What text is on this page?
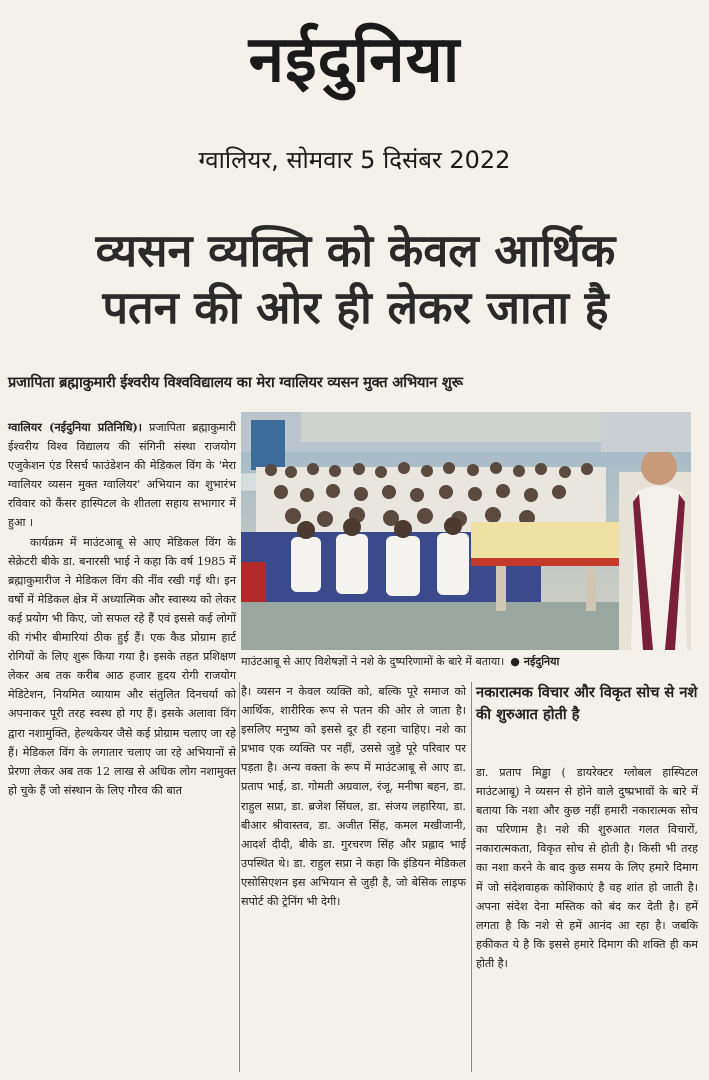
नईदुनिया
ग्वालियर, सोमवार 5 दिसंबर 2022
व्यसन व्यक्ति को केवल आर्थिक
पतन की ओर ही लेकर जाता है
प्रजापिता ब्रह्माकुमारी ईश्वरीय विश्वविद्यालय का मेरा ग्वालियर व्यसन मुक्त अभियान शुरू

ग्वालियर (नईदुनिया प्रतिनिधि)। प्रजापिता ब्रह्माकुमारी ईश्वरीय विश्व विद्यालय की संगिनी संस्था राजयोग एजुकेशन एंड रिसर्च फाउंडेशन की मेडिकल विंग के 'मेरा ग्वालियर व्यसन मुक्त ग्वालियर' अभियान का शुभारंभ रविवार को कैंसर हास्पिटल के शीतला सहाय सभागार में हुआ ।

कार्यक्रम में माउंटआबू से आए मेडिकल विंग के सेक्रेटरी बीके डा. बनारसी भाई ने कहा कि वर्ष 1985 में ब्रह्माकुमारीज ने मेडिकल विंग की नींव रखी गई थी। इन वर्षो में मेडिकल क्षेत्र में अध्यात्मिक और स्वास्थ्य को लेकर कई प्रयोग भी किए, जो सफल रहे हैं एवं इससे कई लोगों की गंभीर बीमारियां ठीक हुई हैं। एक कैड प्रोग्राम हार्ट रोगियों के लिए शुरू किया गया है। इसके तहत प्रशिक्षण लेकर अब तक करीब आठ हजार हृदय रोगी राजयोग मेडिटेशन, नियमित व्यायाम और संतुलित दिनचर्या को अपनाकर पूरी तरह स्वस्थ हो गए हैं। इसके अलावा विंग द्वारा नशामुक्ति, हेल्थकेयर जैसे कई प्रोग्राम चलाए जा रहे हैं। मेडिकल विंग के लगातार चलाए जा रहे अभियानों से प्रेरणा लेकर अब तक 12 लाख से अधिक लोग नशामुक्त हो चुके हैं जो संस्थान के लिए गौरव की बात

माउंटआबू से आए विशेषज्ञों ने नशे के दुष्परिणामों के बारे में बताया। ● नईदुनिया
है। व्यसन न केवल व्यक्ति को, बल्कि पूरे समाज को आर्थिक, शारीरिक रूप से पतन की ओर ले जाता है। इसलिए मनुष्य को इससे दूर ही रहना चाहिए। नशे का प्रभाव एक व्यक्ति पर नहीं, उससे जुड़े पूरे परिवार पर पड़ता है। अन्य वक्ता के रूप में माउंटआबू से आए डा. प्रताप भाई, डा. गोमती अग्रवाल, रंजू, मनीषा बहन, डा. राहुल सप्रा, डा. ब्रजेश सिंघल, डा. संजय लहारिया, डा. बीआर श्रीवास्तव, डा. अजीत सिंह, कमल मखीजानी, आदर्श दीदी, बीके डा. गुरचरण सिंह और प्रह्लाद भाई उपस्थित थे। डा. राहुल सप्रा ने कहा कि इंडियन मेडिकल एसोसिएशन इस अभियान से जुड़ी है, जो बेसिक लाइफ सपोर्ट की ट्रेनिंग भी देगी।
नकारात्मक विचार और विकृत सोच से नशे की शुरुआत होती है
डा. प्रताप मिड्ढा ( डायरेक्टर ग्लोबल हास्पिटल माउंटआबू) ने व्यसन से होने वाले दुष्प्रभावों के बारे में बताया कि नशा और कुछ नहीं हमारी नकारात्मक सोच का परिणाम है। नशे की शुरुआत गलत विचारों, नकारात्मकता, विकृत सोच से होती है। किसी भी तरह का नशा करने के बाद कुछ समय के लिए हमारे दिमाग में जो संदेशवाहक कोशिकाएं है वह शांत हो जाती है। अपना संदेश देना मस्तिक को बंद कर देती है। हमें लगता है कि नशे से हमें आनंद आ रहा है। जबकि हकीकत ये है कि इससे हमारे दिमाग की शक्ति ही कम होती है।
